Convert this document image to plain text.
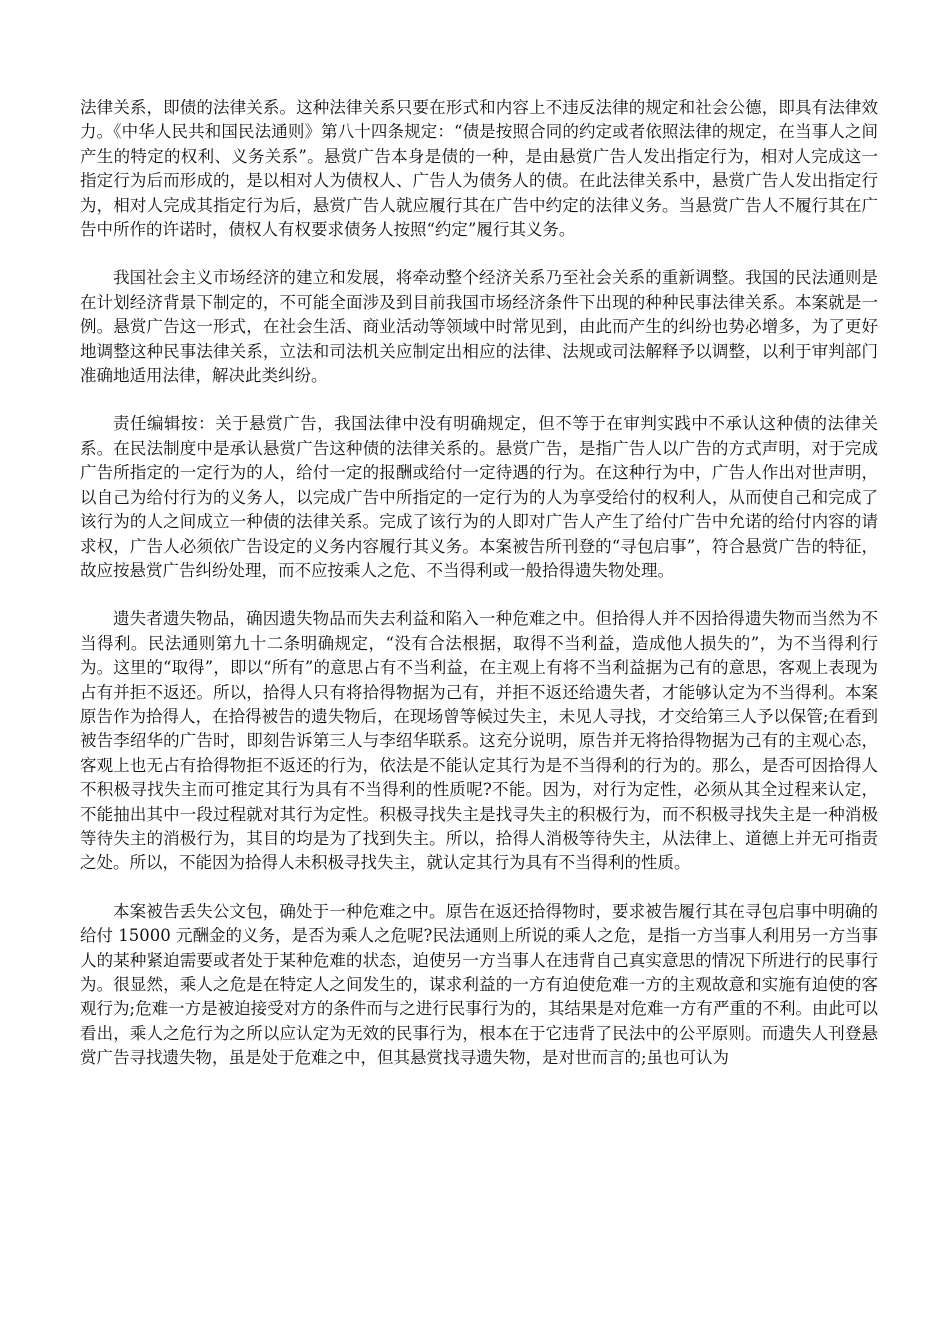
法律关系，即债的法律关系。这种法律关系只要在形式和内容上不违反法律的规定和社会公德，即具有法律效力。《中华人民共和国民法通则》第八十四条规定：“债是按照合同的约定或者依照法律的规定，在当事人之间产生的特定的权利、义务关系”。悬赏广告本身是债的一种，是由悬赏广告人发出指定行为，相对人完成这一指定行为后而形成的，是以相对人为债权人、广告人为债务人的债。在此法律关系中，悬赏广告人发出指定行为，相对人完成其指定行为后，悬赏广告人就应履行其在广告中约定的法律义务。当悬赏广告人不履行其在广告中所作的许诺时，债权人有权要求债务人按照“约定”履行其义务。

我国社会主义市场经济的建立和发展，将牵动整个经济关系乃至社会关系的重新调整。我国的民法通则是在计划经济背景下制定的，不可能全面涉及到目前我国市场经济条件下出现的种种民事法律关系。本案就是一例。悬赏广告这一形式，在社会生活、商业活动等领域中时常见到，由此而产生的纠纷也势必增多，为了更好地调整这种民事法律关系，立法和司法机关应制定出相应的法律、法规或司法解释予以调整，以利于审判部门准确地适用法律，解决此类纠纷。

责任编辑按：关于悬赏广告，我国法律中没有明确规定，但不等于在审判实践中不承认这种债的法律关系。在民法制度中是承认悬赏广告这种债的法律关系的。悬赏广告，是指广告人以广告的方式声明，对于完成广告所指定的一定行为的人，给付一定的报酬或给付一定待遇的行为。在这种行为中，广告人作出对世声明，以自己为给付行为的义务人，以完成广告中所指定的一定行为的人为享受给付的权利人，从而使自己和完成了该行为的人之间成立一种债的法律关系。完成了该行为的人即对广告人产生了给付广告中允诺的给付内容的请求权，广告人必须依广告设定的义务内容履行其义务。本案被告所刊登的“寻包启事”，符合悬赏广告的特征，故应按悬赏广告纠纷处理，而不应按乘人之危、不当得利或一般拾得遗失物处理。

遗失者遗失物品，确因遗失物品而失去利益和陷入一种危难之中。但拾得人并不因拾得遗失物而当然为不当得利。民法通则第九十二条明确规定，“没有合法根据，取得不当利益，造成他人损失的”，为不当得利行为。这里的“取得”，即以“所有”的意思占有不当利益，在主观上有将不当利益据为己有的意思，客观上表现为占有并拒不返还。所以，拾得人只有将拾得物据为己有，并拒不返还给遗失者，才能够认定为不当得利。本案原告作为拾得人，在拾得被告的遗失物后，在现场曾等候过失主，未见人寻找，才交给第三人予以保管;在看到被告李绍华的广告时，即刻告诉第三人与李绍华联系。这充分说明，原告并无将拾得物据为己有的主观心态，客观上也无占有拾得物拒不返还的行为，依法是不能认定其行为是不当得利的行为的。那么，是否可因拾得人不积极寻找失主而可推定其行为具有不当得利的性质呢?不能。因为，对行为定性，必须从其全过程来认定，不能抽出其中一段过程就对其行为定性。积极寻找失主是找寻失主的积极行为，而不积极寻找失主是一种消极等待失主的消极行为，其目的均是为了找到失主。所以，拾得人消极等待失主，从法律上、道德上并无可指责之处。所以，不能因为拾得人未积极寻找失主，就认定其行为具有不当得利的性质。

本案被告丢失公文包，确处于一种危难之中。原告在返还拾得物时，要求被告履行其在寻包启事中明确的给付 15000 元酬金的义务，是否为乘人之危呢?民法通则上所说的乘人之危，是指一方当事人利用另一方当事人的某种紧迫需要或者处于某种危难的状态，迫使另一方当事人在违背自己真实意思的情况下所进行的民事行为。很显然，乘人之危是在特定人之间发生的，谋求利益的一方有迫使危难一方的主观故意和实施有迫使的客观行为;危难一方是被迫接受对方的条件而与之进行民事行为的，其结果是对危难一方有严重的不利。由此可以看出，乘人之危行为之所以应认定为无效的民事行为，根本在于它违背了民法中的公平原则。而遗失人刊登悬赏广告寻找遗失物，虽是处于危难之中，但其悬赏找寻遗失物，是对世而言的;虽也可认为
